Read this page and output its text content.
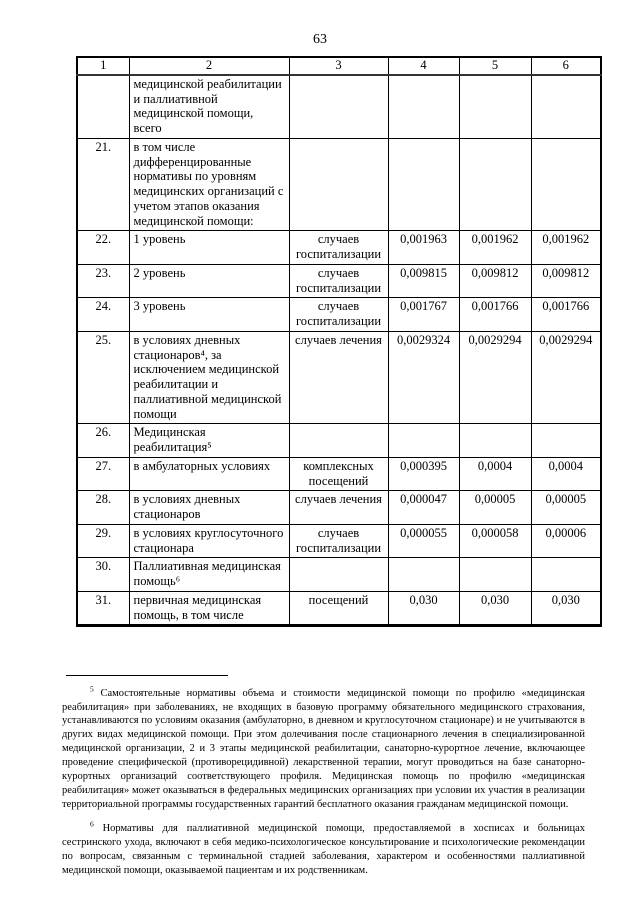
63
1	2	3	4	5	6
	медицинской реабилитации и паллиативной медицинской помощи, всего				
21.	в том числе дифференцированные нормативы по уровням медицинских организаций с учетом этапов оказания медицинской помощи:				
22.	1 уровень	случаев госпитализации	0,001963	0,001962	0,001962
23.	2 уровень	случаев госпитализации	0,009815	0,009812	0,009812
24.	3 уровень	случаев госпитализации	0,001767	0,001766	0,001766
25.	в условиях дневных стационаров⁴, за исключением медицинской реабилитации и паллиативной медицинской помощи	случаев лечения	0,0029324	0,0029294	0,0029294
26.	Медицинская реабилитация⁵				
27.	в амбулаторных условиях	комплексных посещений	0,000395	0,0004	0,0004
28.	в условиях дневных стационаров	случаев лечения	0,000047	0,00005	0,00005
29.	в условиях круглосуточного стационара	случаев госпитализации	0,000055	0,000058	0,00006
30.	Паллиативная медицинская помощь⁶				
31.	первичная медицинская помощь, в том числе	посещений	0,030	0,030	0,030

$^5$ Самостоятельные нормативы объема и стоимости медицинской помощи по профилю «медицинская реабилитация» при заболеваниях, не входящих в базовую программу обязательного медицинского страхования, устанавливаются по условиям оказания (амбулаторно, в дневном и круглосуточном стационаре) и не учитываются в других видах медицинской помощи. При этом долечивания после стационарного лечения в специализированной медицинской организации, 2 и 3 этапы медицинской реабилитации, санаторно-курортное лечение, включающее проведение специфической (противорецидивной) лекарственной терапии, могут проводиться на базе санаторно-курортных организаций соответствующего профиля. Медицинская помощь по профилю «медицинская реабилитация» может оказываться в федеральных медицинских организациях при условии их участия в реализации территориальной программы государственных гарантий бесплатного оказания гражданам медицинской помощи.

$^6$ Нормативы для паллиативной медицинской помощи, предоставляемой в хосписах и больницах сестринского ухода, включают в себя медико-психологическое консультирование и психологические рекомендации по вопросам, связанным с терминальной стадией заболевания, характером и особенностями паллиативной медицинской помощи, оказываемой пациентам и их родственникам.
